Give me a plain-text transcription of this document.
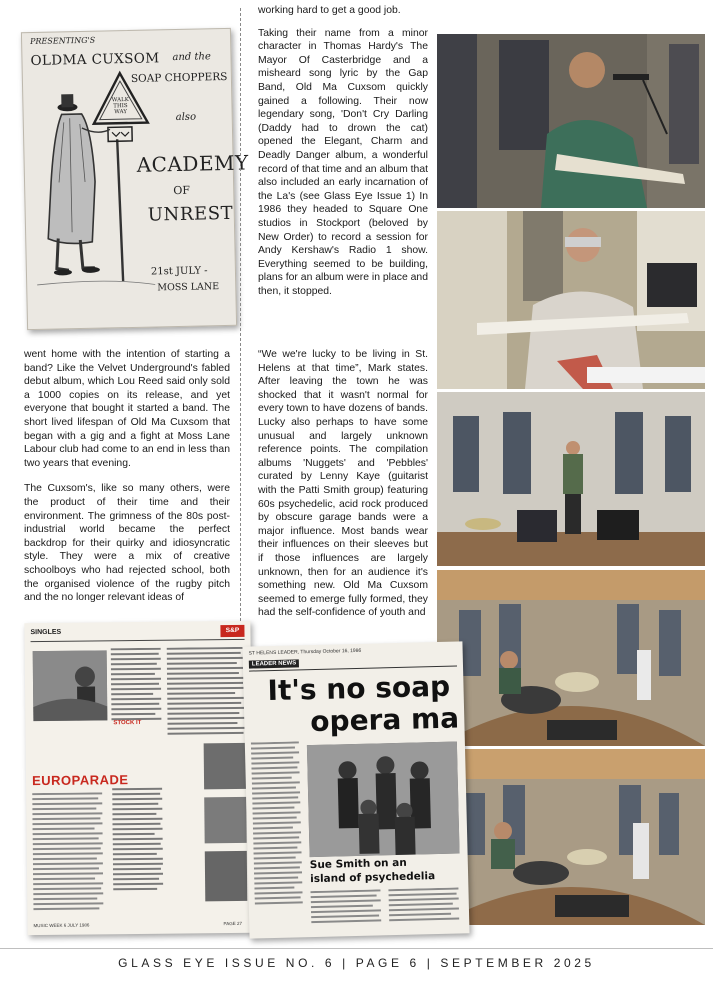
PRESENTING'S
OLDMA CUXSOM and the
SOAP CHOPPERS
WALK THIS WAY	also
ACADEMY
OF
UNREST
21st JULY -
MOSS LANE

went home with the intention of starting a band? Like the Velvet Underground's fabled debut album, which Lou Reed said only sold a 1000 copies on its release, and yet everyone that bought it started a band. The short lived lifespan of Old Ma Cuxsom that began with a gig and a fight at Moss Lane Labour club had come to an end in less than two years that evening.

The Cuxsom's, like so many others, were the product of their time and their environment. The grimness of the 80s post-industrial world became the perfect backdrop for their quirky and idiosyncratic style. They were a mix of creative schoolboys who had rejected school, both the organised violence of the rugby pitch and the no longer relevant ideas of

working hard to get a good job.

Taking their name from a minor character in Thomas Hardy's The Mayor Of Casterbridge and a misheard song lyric by the Gap Band, Old Ma Cuxsom quickly gained a following. Their now legendary song, 'Don't Cry Darling (Daddy had to drown the cat) opened the Elegant, Charm and Deadly Danger album, a wonderful record of that time and an album that also included an early incarnation of the La's (see Glass Eye Issue 1) In 1986 they headed to Square One studios in Stockport (beloved by New Order) to record a session for Andy Kershaw's Radio 1 show. Everything seemed to be building, plans for an album were in place and then, it stopped.

“We we're lucky to be living in St. Helens at that time”, Mark states. After leaving the town he was shocked that it wasn't normal for every town to have dozens of bands. Lucky also perhaps to have some unusual and largely unknown reference points. The compilation albums 'Nuggets' and 'Pebbles' curated by Lenny Kaye (guitarist with the Patti Smith group) featuring 60s psychedelic, acid rock produced by obscure garage bands were a major influence. Most bands wear their influences on their sleeves but if those influences are largely unknown, then for an audience it's something new. Old Ma Cuxsom seemed to emerge fully formed, they had the self-confidence of youth and

SINGLES	S&P
STOCK IT
EUROPARADE
MUSIC WEEK 6 JULY 1986	PAGE 27
ST HELENS LEADER, Thursday October 16, 1986
LEADER NEWS
It's no soap
opera ma
Sue Smith on an
island of psychedelia
GLASS EYE ISSUE NO. 6 | PAGE 6 | SEPTEMBER 2025
